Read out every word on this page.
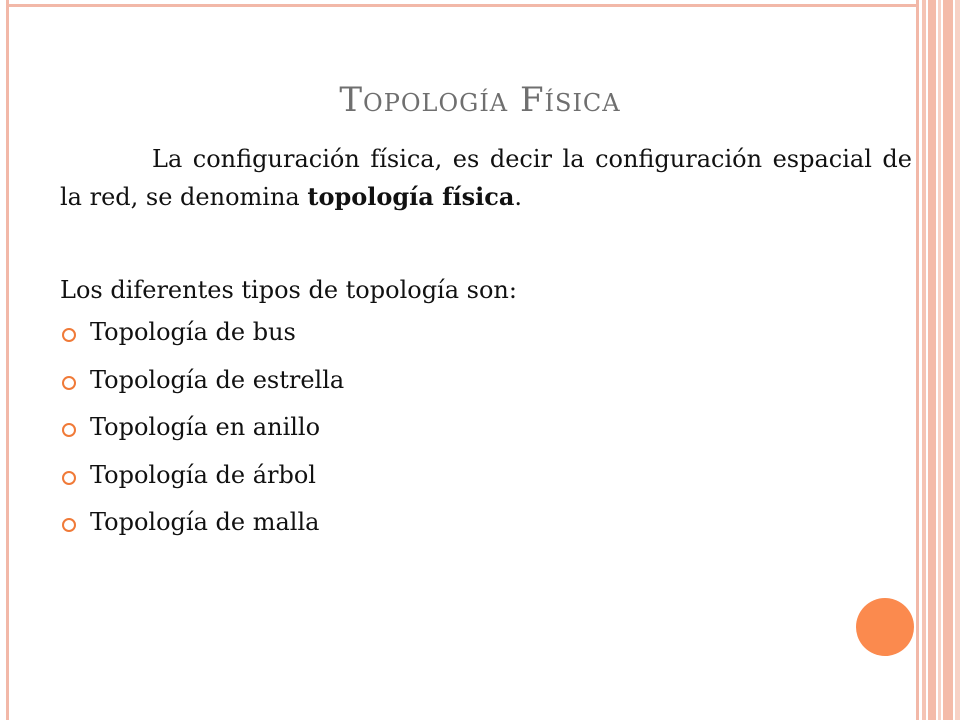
Topología Física

La configuración física, es decir la configuración espacial de la red, se denomina topología física.

Los diferentes tipos de topología son:

Topología de bus
Topología de estrella
Topología en anillo
Topología de árbol
Topología de malla
